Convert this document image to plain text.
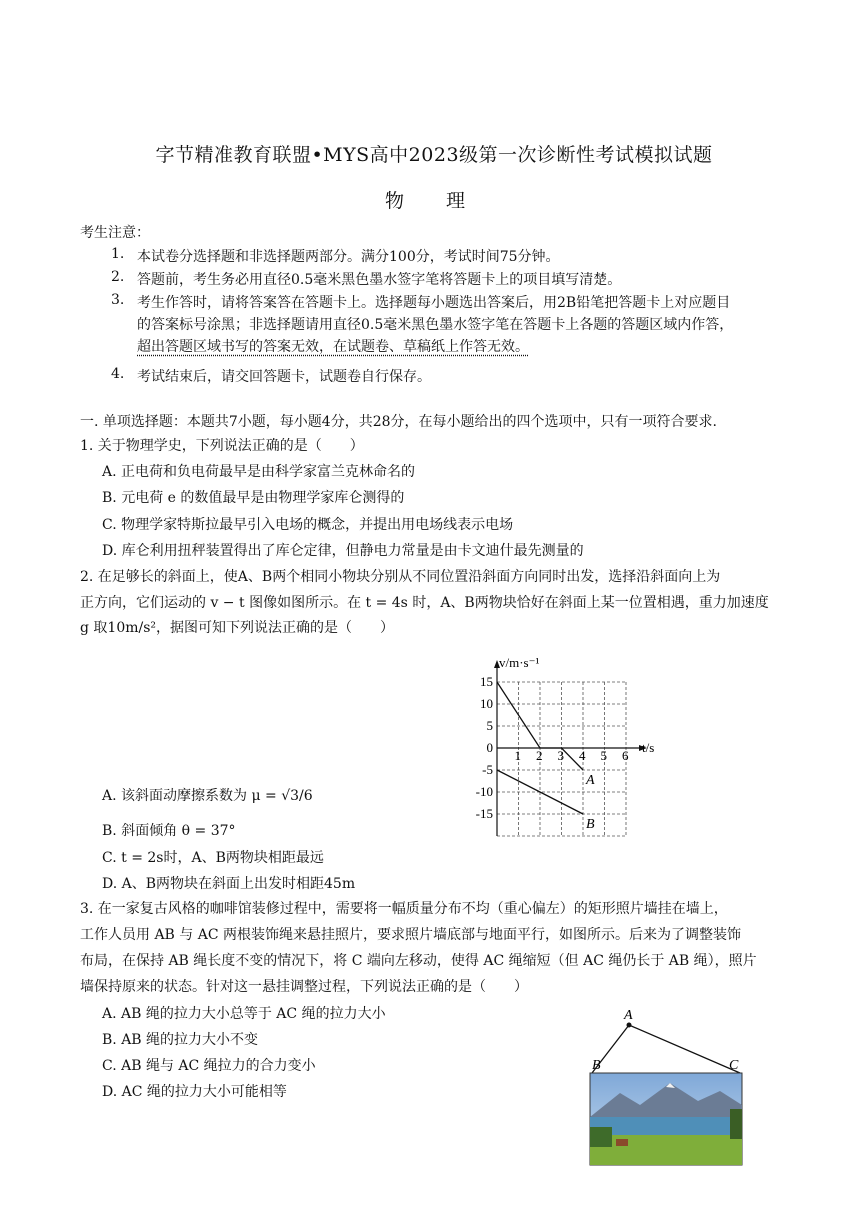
字节精准教育联盟•MYS高中2023级第一次诊断性考试模拟试题
物 理
考生注意：
1. 本试卷分选择题和非选择题两部分。满分100分，考试时间75分钟。
2. 答题前，考生务必用直径0.5毫米黑色墨水签字笔将答题卡上的项目填写清楚。
3. 考生作答时，请将答案答在答题卡上。选择题每小题选出答案后，用2B铅笔把答题卡上对应题目
的答案标号涂黑；非选择题请用直径0.5毫米黑色墨水签字笔在答题卡上各题的答题区域内作答，
超出答题区域书写的答案无效，在试题卷、草稿纸上作答无效。
4. 考试结束后，请交回答题卡，试题卷自行保存。
一. 单项选择题：本题共7小题，每小题4分，共28分，在每小题给出的四个选项中，只有一项符合要求.
1. 关于物理学史，下列说法正确的是（　　）
A. 正电荷和负电荷最早是由科学家富兰克林命名的
B. 元电荷 e 的数值最早是由物理学家库仑测得的
C. 物理学家特斯拉最早引入电场的概念，并提出用电场线表示电场
D. 库仑利用扭秤装置得出了库仑定律，但静电力常量是由卡文迪什最先测量的
2. 在足够长的斜面上，使A、B两个相同小物块分别从不同位置沿斜面方向同时出发，选择沿斜面向上为
正方向，它们运动的 v − t 图像如图所示。在 t = 4s 时，A、B两物块恰好在斜面上某一位置相遇，重力加速度
g 取10m/s²，据图可知下列说法正确的是（　　）
A. 该斜面动摩擦系数为 μ = √3/6
B. 斜面倾角 θ = 37°
C. t = 2s时，A、B两物块相距最远
D. A、B两物块在斜面上出发时相距45m
v/m·s⁻¹
t/s
1 2 3 4 5 6
15
10
5
0
-5
-10
-15
A
B
3. 在一家复古风格的咖啡馆装修过程中，需要将一幅质量分布不均（重心偏左）的矩形照片墙挂在墙上，
工作人员用 AB 与 AC 两根装饰绳来悬挂照片，要求照片墙底部与地面平行，如图所示。后来为了调整装饰
布局，在保持 AB 绳长度不变的情况下，将 C 端向左移动，使得 AC 绳缩短（但 AC 绳仍长于 AB 绳），照片
墙保持原来的状态。针对这一悬挂调整过程，下列说法正确的是（　　）
A. AB 绳的拉力大小总等于 AC 绳的拉力大小
B. AB 绳的拉力大小不变
C. AB 绳与 AC 绳拉力的合力变小
D. AC 绳的拉力大小可能相等
A
B	C
